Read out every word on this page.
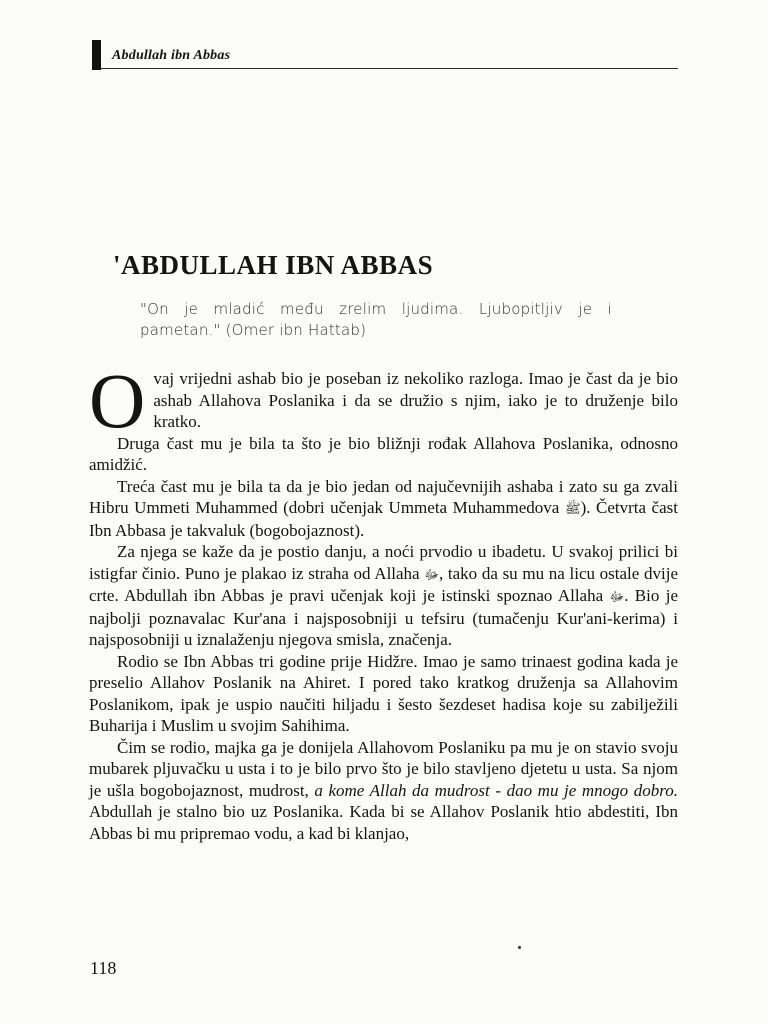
Abdullah ibn Abbas
'ABDULLAH IBN ABBAS
"On je mladić među zrelim ljudima. Ljubopitljiv je i pametan." (Omer ibn Hattab)

Ovaj vrijedni ashab bio je poseban iz nekoliko razloga. Imao je čast da je bio ashab Allahova Poslanika i da se družio s njim, iako je to druženje bilo kratko.

Druga čast mu je bila ta što je bio bližnji rođak Allahova Poslanika, odnosno amidžić.

Treća čast mu je bila ta da je bio jedan od najučevnijih ashaba i zato su ga zvali Hibru Ummeti Muhammed (dobri učenjak Ummeta Muhammedova ﷺ). Četvrta čast Ibn Abbasa je takvaluk (bogobojaznost).

Za njega se kaže da je postio danju, a noći prvodio u ibadetu. U svakoj prilici bi istigfar činio. Puno je plakao iz straha od Allaha ﷻ, tako da su mu na licu ostale dvije crte. Abdullah ibn Abbas je pravi učenjak koji je istinski spoznao Allaha ﷻ. Bio je najbolji poznavalac Kur'ana i najsposobniji u tefsiru (tumačenju Kur'ani-kerima) i najsposobniji u iznalaženju njegova smisla, značenja.

Rodio se Ibn Abbas tri godine prije Hidžre. Imao je samo trinaest godina kada je preselio Allahov Poslanik na Ahiret. I pored tako kratkog druženja sa Allahovim Poslanikom, ipak je uspio naučiti hiljadu i šesto šezdeset hadisa koje su zabilježili Buharija i Muslim u svojim Sahihima.

Čim se rodio, majka ga je donijela Allahovom Poslaniku pa mu je on stavio svoju mubarek pljuvačku u usta i to je bilo prvo što je bilo stavljeno djetetu u usta. Sa njom je ušla bogobojaznost, mudrost, a kome Allah da mudrost - dao mu je mnogo dobro. Abdullah je stalno bio uz Poslanika. Kada bi se Allahov Poslanik htio abdestiti, Ibn Abbas bi mu pripremao vodu, a kad bi klanjao,

118
